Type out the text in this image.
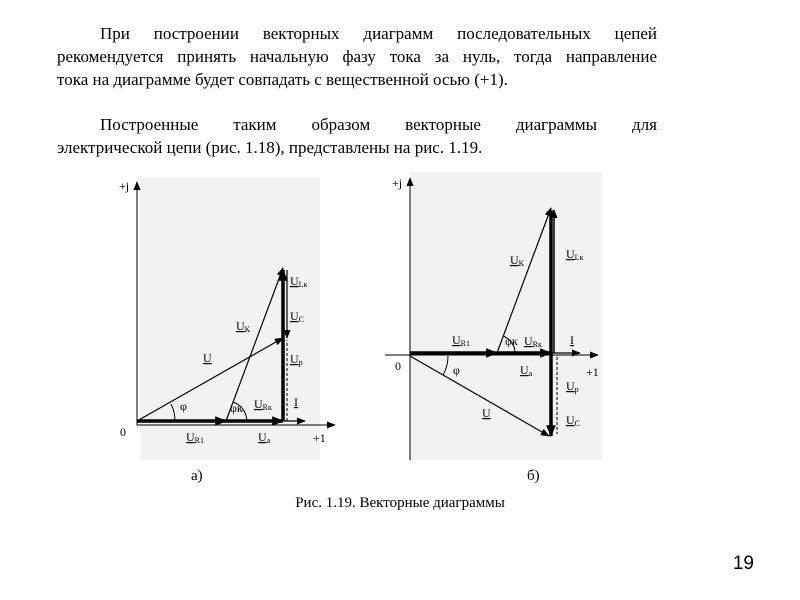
При построении векторных диаграмм последовательных цепей
рекомендуется принять начальную фазу тока за нуль, тогда направление
тока на диаграмме будет совпадать с вещественной осью (+1).

Построенные таким образом векторные диаграммы для
электрической цепи (рис. 1.18), представлены на рис. 1.19.

+j
+1
0
U
φ	φк URк I
UR1	Ua
UК
ULк
UC
Uр
+j
+1
0	φ
φк URк I
UR1
Ua
UК
ULк
Uр
UC
U
а)	б)
Рис. 1.19. Векторные диаграммы
19
